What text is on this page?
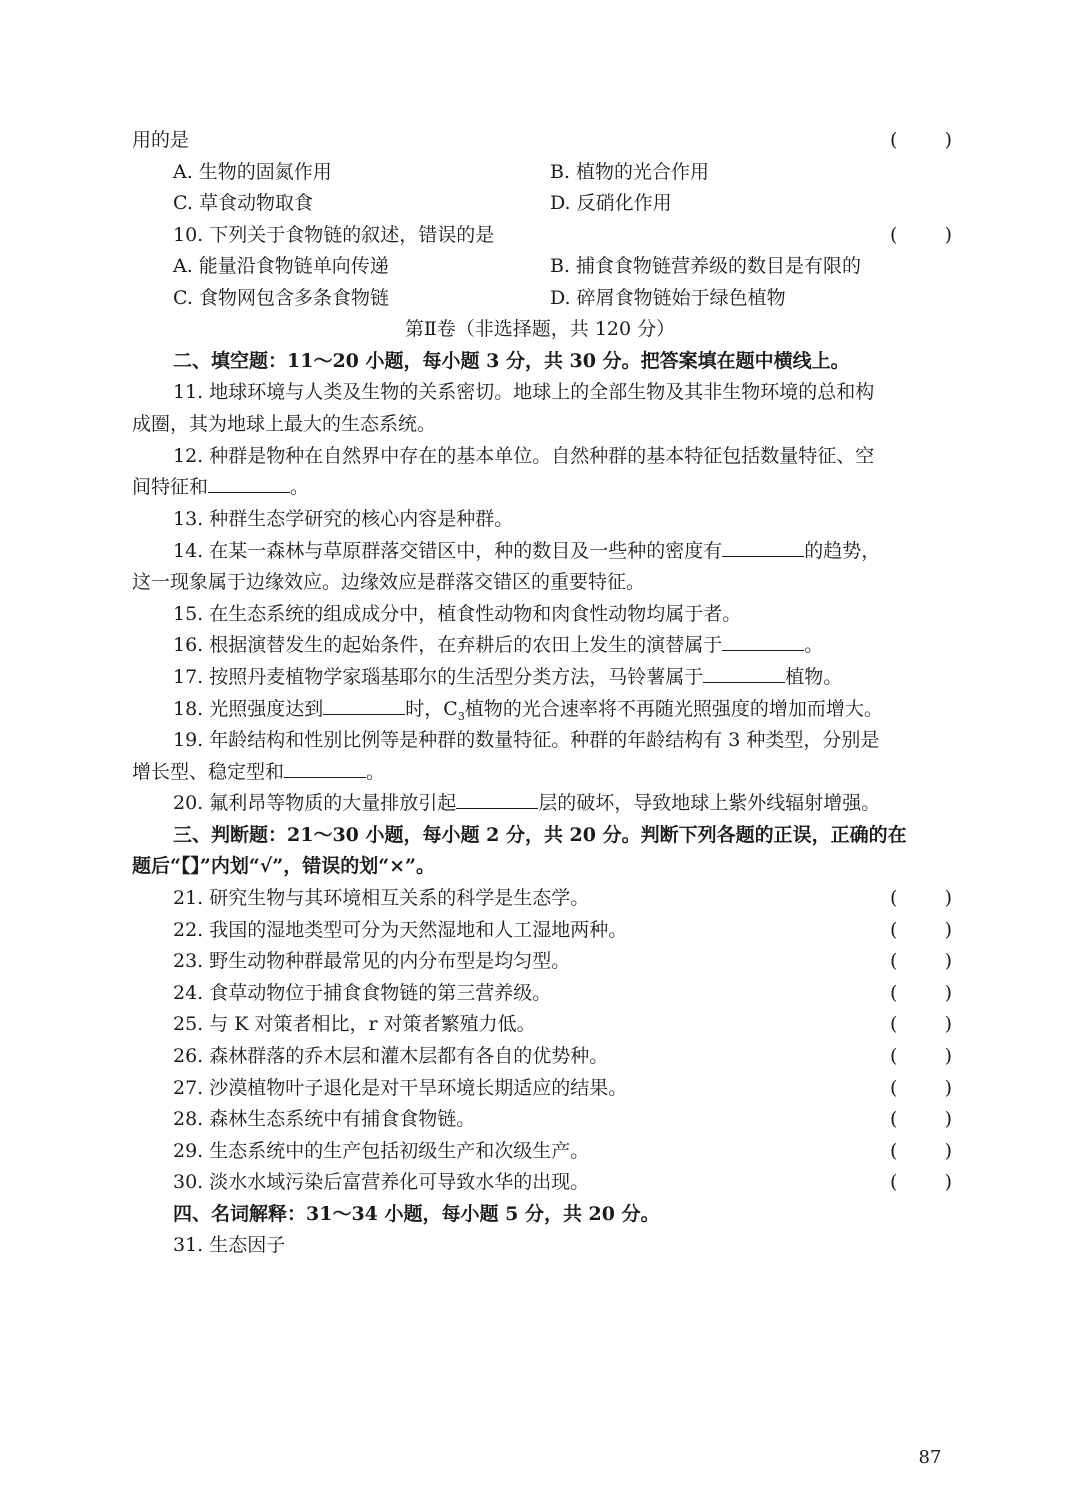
用的是	( )
A. 生物的固氮作用	B. 植物的光合作用
C. 草食动物取食	D. 反硝化作用
10. 下列关于食物链的叙述，错误的是	( )
A. 能量沿食物链单向传递	B. 捕食食物链营养级的数目是有限的
C. 食物网包含多条食物链	D. 碎屑食物链始于绿色植物
第Ⅱ卷（非选择题，共 120 分）
二、填空题：11～20 小题，每小题 3 分，共 30 分。把答案填在题中横线上。
11. 地球环境与人类及生物的关系密切。地球上的全部生物及其非生物环境的总和构
成圈，其为地球上最大的生态系统。
12. 种群是物种在自然界中存在的基本单位。自然种群的基本特征包括数量特征、空
间特征和	。
13. 种群生态学研究的核心内容是种群。
14. 在某一森林与草原群落交错区中，种的数目及一些种的密度有	的趋势，
这一现象属于边缘效应。边缘效应是群落交错区的重要特征。
15. 在生态系统的组成成分中，植食性动物和肉食性动物均属于者。
16. 根据演替发生的起始条件，在弃耕后的农田上发生的演替属于	。
17. 按照丹麦植物学家瑙基耶尔的生活型分类方法，马铃薯属于	植物。
18. 光照强度达到	时，$C_3$植物的光合速率将不再随光照强度的增加而增大。
19. 年龄结构和性别比例等是种群的数量特征。种群的年龄结构有 3 种类型，分别是
增长型、稳定型和	。
20. 氟利昂等物质的大量排放引起	层的破坏，导致地球上紫外线辐射增强。
三、判断题：21～30 小题，每小题 2 分，共 20 分。判断下列各题的正误，正确的在
题后“【】”内划“√”，错误的划“×”。
21. 研究生物与其环境相互关系的科学是生态学。	( )
22. 我国的湿地类型可分为天然湿地和人工湿地两种。	( )
23. 野生动物种群最常见的内分布型是均匀型。	( )
24. 食草动物位于捕食食物链的第三营养级。	( )
25. 与 K 对策者相比，r 对策者繁殖力低。	( )
26. 森林群落的乔木层和灌木层都有各自的优势种。	( )
27. 沙漠植物叶子退化是对干旱环境长期适应的结果。	( )
28. 森林生态系统中有捕食食物链。	( )
29. 生态系统中的生产包括初级生产和次级生产。	( )
30. 淡水水域污染后富营养化可导致水华的出现。	( )
四、名词解释：31～34 小题，每小题 5 分，共 20 分。
31. 生态因子
87
